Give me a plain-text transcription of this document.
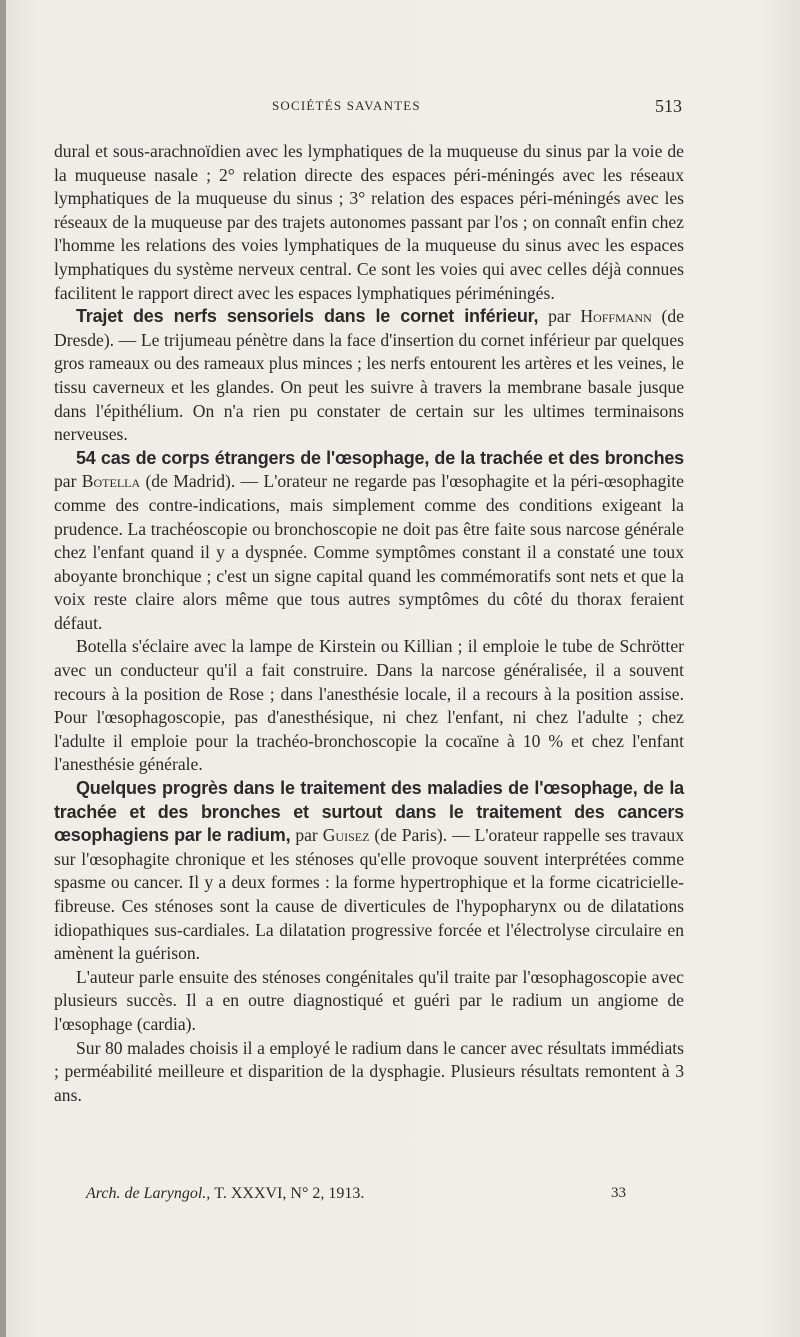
SOCIÉTÉS SAVANTES	513

dural et sous-arachnoïdien avec les lymphatiques de la muqueuse du sinus par la voie de la muqueuse nasale ; 2° relation directe des espaces péri-méningés avec les réseaux lymphatiques de la muqueuse du sinus ; 3° relation des espaces péri-méningés avec les réseaux de la muqueuse par des trajets autonomes passant par l'os ; on connaît enfin chez l'homme les relations des voies lymphatiques de la muqueuse du sinus avec les espaces lymphatiques du système nerveux central. Ce sont les voies qui avec celles déjà connues facilitent le rapport direct avec les espaces lymphatiques périméningés.

Trajet des nerfs sensoriels dans le cornet inférieur, par Hoffmann (de Dresde). — Le trijumeau pénètre dans la face d'insertion du cornet inférieur par quelques gros rameaux ou des rameaux plus minces ; les nerfs entourent les artères et les veines, le tissu caverneux et les glandes. On peut les suivre à travers la membrane basale jusque dans l'épithélium. On n'a rien pu constater de certain sur les ultimes terminaisons nerveuses.

54 cas de corps étrangers de l'œsophage, de la trachée et des bronches par Botella (de Madrid). — L'orateur ne regarde pas l'œsophagite et la péri-œsophagite comme des contre-indications, mais simplement comme des conditions exigeant la prudence. La trachéoscopie ou bronchoscopie ne doit pas être faite sous narcose générale chez l'enfant quand il y a dyspnée. Comme symptômes constant il a constaté une toux aboyante bronchique ; c'est un signe capital quand les commémoratifs sont nets et que la voix reste claire alors même que tous autres symptômes du côté du thorax feraient défaut.

Botella s'éclaire avec la lampe de Kirstein ou Killian ; il emploie le tube de Schrötter avec un conducteur qu'il a fait construire. Dans la narcose généralisée, il a souvent recours à la position de Rose ; dans l'anesthésie locale, il a recours à la position assise. Pour l'œsophagoscopie, pas d'anesthésique, ni chez l'enfant, ni chez l'adulte ; chez l'adulte il emploie pour la trachéo-bronchoscopie la cocaïne à 10 % et chez l'enfant l'anesthésie générale.

Quelques progrès dans le traitement des maladies de l'œsophage, de la trachée et des bronches et surtout dans le traitement des cancers œsophagiens par le radium, par Guisez (de Paris). — L'orateur rappelle ses travaux sur l'œsophagite chronique et les sténoses qu'elle provoque souvent interprétées comme spasme ou cancer. Il y a deux formes : la forme hypertrophique et la forme cicatricielle-fibreuse. Ces sténoses sont la cause de diverticules de l'hypopharynx ou de dilatations idiopathiques sus-cardiales. La dilatation progressive forcée et l'électrolyse circulaire en amènent la guérison.

L'auteur parle ensuite des sténoses congénitales qu'il traite par l'œsophagoscopie avec plusieurs succès. Il a en outre diagnostiqué et guéri par le radium un angiome de l'œsophage (cardia).

Sur 80 malades choisis il a employé le radium dans le cancer avec résultats immédiats ; perméabilité meilleure et disparition de la dysphagie. Plusieurs résultats remontent à 3 ans.

Arch. de Laryngol., T. XXXVI, N° 2, 1913.	33
